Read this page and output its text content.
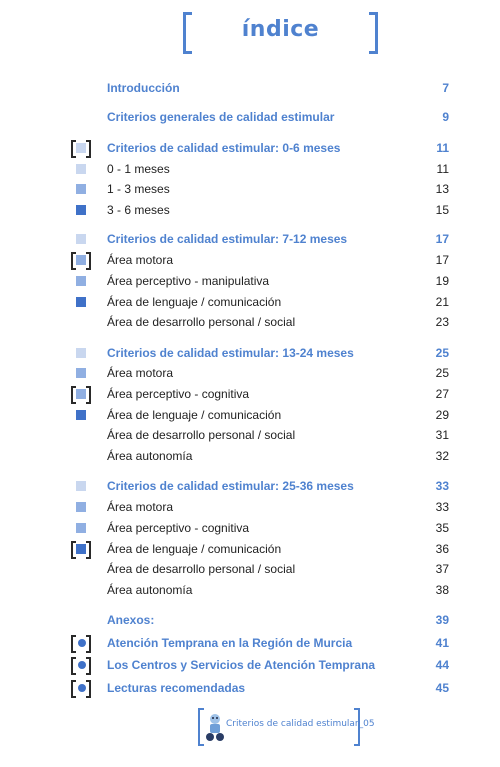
índice
Introducción	7
Criterios generales de calidad estimular	9
Criterios de calidad estimular: 0-6 meses	11
0 - 1 meses	11
1 - 3 meses	13
3 - 6 meses	15
Criterios de calidad estimular: 7-12 meses	17
Área motora	17
Área perceptivo - manipulativa	19
Área de lenguaje / comunicación	21
Área de desarrollo personal / social	23
Criterios de calidad estimular: 13-24 meses	25
Área motora	25
Área perceptivo - cognitiva	27
Área de lenguaje / comunicación	29
Área de desarrollo personal / social	31
Área autonomía	32
Criterios de calidad estimular: 25-36 meses	33
Área motora	33
Área perceptivo - cognitiva	35
Área de lenguaje / comunicación	36
Área de desarrollo personal / social	37
Área autonomía	38
Anexos:	39
Atención Temprana en la Región de Murcia	41
Los Centros y Servicios de Atención Temprana	44
Lecturas recomendadas	45
Criterios de calidad estimular_05
